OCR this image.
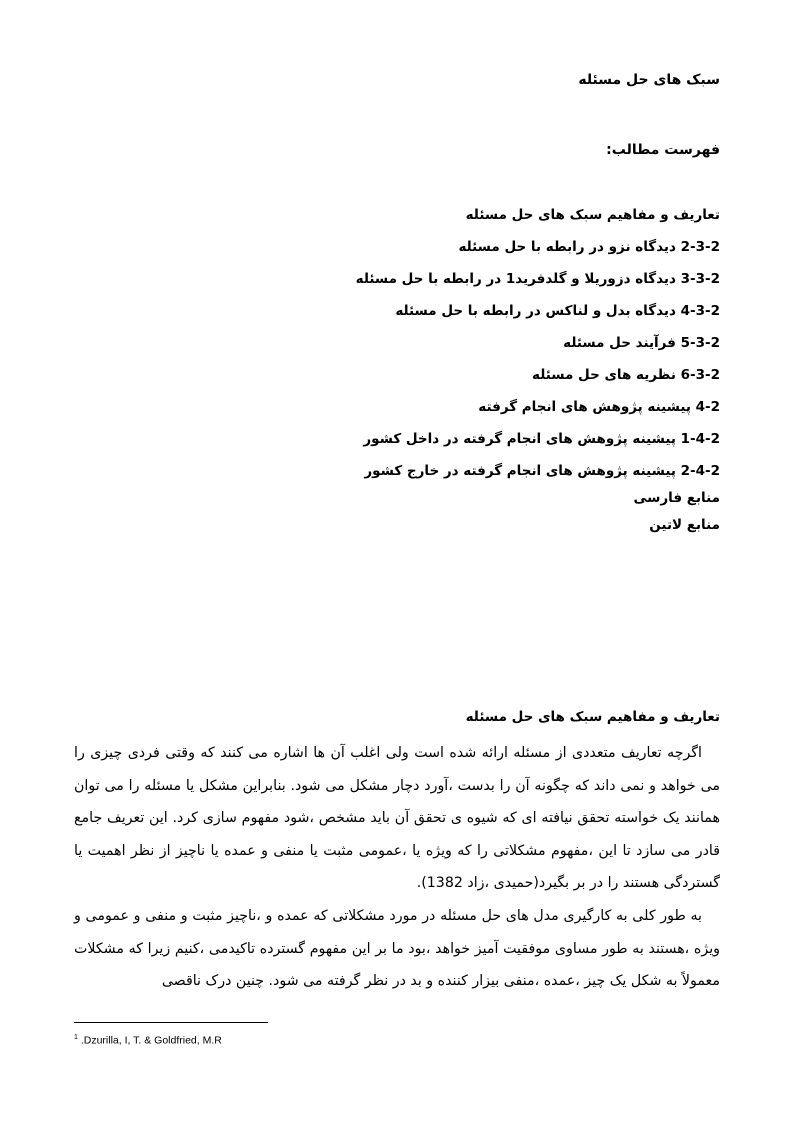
سبک های حل مسئله
فهرست مطالب:
تعاریف و مفاهیم سبک های حل مسئله
2-3-2 دیدگاه نزو در رابطه با حل مسئله
3-3-2 دیدگاه دزوریلا و گلدفرید1 در رابطه با حل مسئله
4-3-2 دیدگاه بدل و لناکس در رابطه با حل مسئله
5-3-2 فرآیند حل مسئله
6-3-2 نظریه های حل مسئله
4-2 پیشینه پژوهش های انجام گرفته
1-4-2 پیشینه پژوهش های انجام گرفته در داخل کشور
2-4-2 پیشینه پژوهش های انجام گرفته در خارج کشور
منابع فارسی
منابع لاتین
تعاریف و مفاهیم سبک های حل مسئله

اگرچه تعاریف متعددی از مسئله ارائه شده است ولی اغلب آن ها اشاره می کنند که وقتی فردی چیزی را می خواهد و نمی داند که چگونه آن را بدست ،آورد دچار مشکل می شود. بنابراین مشکل یا مسئله را می توان همانند یک خواسته تحقق نیافته ای که شیوه ی تحقق آن باید مشخص ،شود مفهوم سازی کرد. این تعریف جامع قادر می سازد تا این ،مفهوم مشکلاتی را که ویژه یا ،عمومی مثبت یا منفی و عمده یا ناچیز از نظر اهمیت یا گستردگی هستند را در بر بگیرد(حمیدی ،زاد 1382).

به طور کلی به کارگیری مدل های حل مسئله در مورد مشکلاتی که عمده و ،ناچیز مثبت و منفی و عمومی و ویژه ،هستند به طور مساوی موفقیت آمیز خواهد ،بود ما بر این مفهوم گسترده تاکیدمی ،کنیم زیرا که مشکلات معمولاً به شکل یک چیز ،عمده ،منفی بیزار کننده و بد در نظر گرفته می شود. چنین درک ناقصی

$^1$ .Dzurilla, I, T. & Goldfried, M.R
